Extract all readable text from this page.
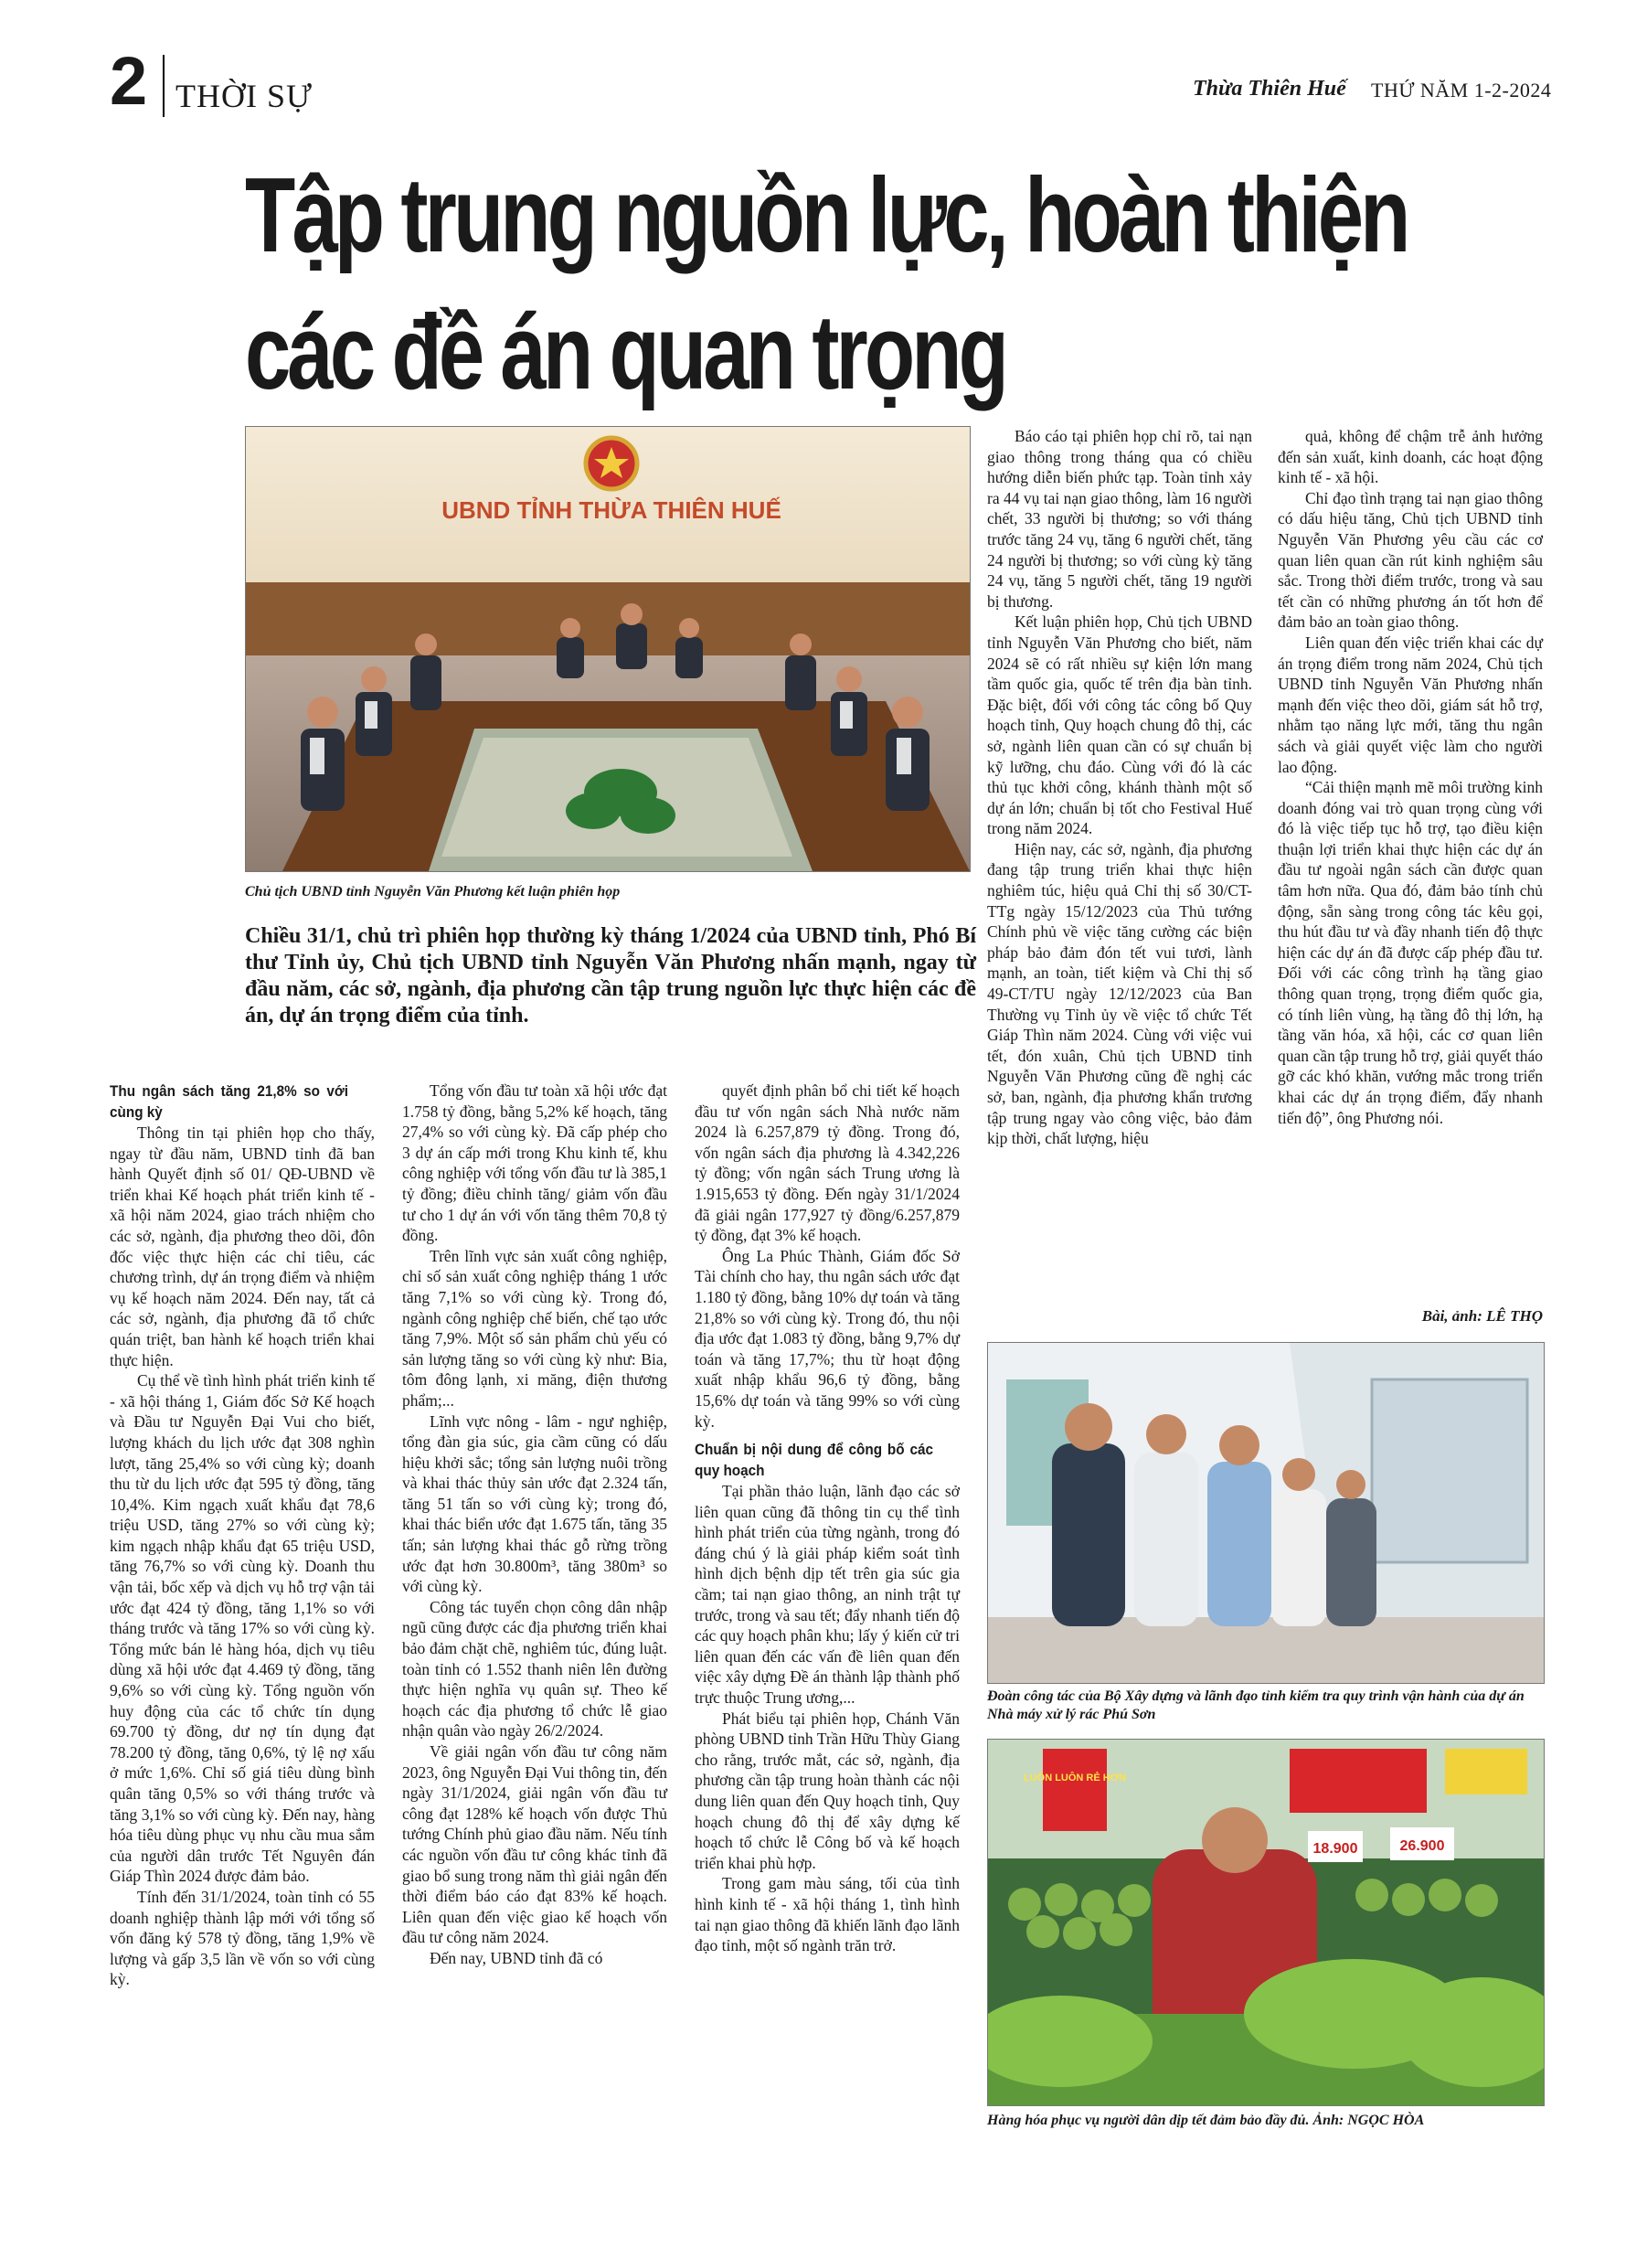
2 THỜI SỰ	Thừa Thiên Huế THỨ NĂM 1-2-2024
Tập trung nguồn lực, hoàn thiện
các đề án quan trọng
UBND TỈNH THỪA THIÊN HUẾ
Chủ tịch UBND tỉnh Nguyễn Văn Phương kết luận phiên họp
Chiều 31/1, chủ trì phiên họp thường kỳ tháng 1/2024 của UBND tỉnh, Phó Bí thư Tỉnh ủy, Chủ tịch UBND tỉnh Nguyễn Văn Phương nhấn mạnh, ngay từ đầu năm, các sở, ngành, địa phương cần tập trung nguồn lực thực hiện các đề án, dự án trọng điểm của tỉnh.
Thu ngân sách tăng 21,8% so với cùng kỳ

Thông tin tại phiên họp cho thấy, ngay từ đầu năm, UBND tỉnh đã ban hành Quyết định số 01/ QĐ-UBND về triển khai Kế hoạch phát triển kinh tế - xã hội năm 2024, giao trách nhiệm cho các sở, ngành, địa phương theo dõi, đôn đốc việc thực hiện các chỉ tiêu, các chương trình, dự án trọng điểm và nhiệm vụ kế hoạch năm 2024. Đến nay, tất cả các sở, ngành, địa phương đã tổ chức quán triệt, ban hành kế hoạch triển khai thực hiện.

Cụ thể về tình hình phát triển kinh tế - xã hội tháng 1, Giám đốc Sở Kế hoạch và Đầu tư Nguyễn Đại Vui cho biết, lượng khách du lịch ước đạt 308 nghìn lượt, tăng 25,4% so với cùng kỳ; doanh thu từ du lịch ước đạt 595 tỷ đồng, tăng 10,4%. Kim ngạch xuất khẩu đạt 78,6 triệu USD, tăng 27% so với cùng kỳ; kim ngạch nhập khẩu đạt 65 triệu USD, tăng 76,7% so với cùng kỳ. Doanh thu vận tải, bốc xếp và dịch vụ hỗ trợ vận tải ước đạt 424 tỷ đồng, tăng 1,1% so với tháng trước và tăng 17% so với cùng kỳ. Tổng mức bán lẻ hàng hóa, dịch vụ tiêu dùng xã hội ước đạt 4.469 tỷ đồng, tăng 9,6% so với cùng kỳ. Tổng nguồn vốn huy động của các tổ chức tín dụng 69.700 tỷ đồng, dư nợ tín dụng đạt 78.200 tỷ đồng, tăng 0,6%, tỷ lệ nợ xấu ở mức 1,6%. Chỉ số giá tiêu dùng bình quân tăng 0,5% so với tháng trước và tăng 3,1% so với cùng kỳ. Đến nay, hàng hóa tiêu dùng phục vụ nhu cầu mua sắm của người dân trước Tết Nguyên đán Giáp Thìn 2024 được đảm bảo.

Tính đến 31/1/2024, toàn tỉnh có 55 doanh nghiệp thành lập mới với tổng số vốn đăng ký 578 tỷ đồng, tăng 1,9% về lượng và gấp 3,5 lần về vốn so với cùng kỳ.

Tổng vốn đầu tư toàn xã hội ước đạt 1.758 tỷ đồng, bằng 5,2% kế hoạch, tăng 27,4% so với cùng kỳ. Đã cấp phép cho 3 dự án cấp mới trong Khu kinh tế, khu công nghiệp với tổng vốn đầu tư là 385,1 tỷ đồng; điều chỉnh tăng/ giảm vốn đầu tư cho 1 dự án với vốn tăng thêm 70,8 tỷ đồng.

Trên lĩnh vực sản xuất công nghiệp, chỉ số sản xuất công nghiệp tháng 1 ước tăng 7,1% so với cùng kỳ. Trong đó, ngành công nghiệp chế biến, chế tạo ước tăng 7,9%. Một số sản phẩm chủ yếu có sản lượng tăng so với cùng kỳ như: Bia, tôm đông lạnh, xi măng, điện thương phẩm;...

Lĩnh vực nông - lâm - ngư nghiệp, tổng đàn gia súc, gia cầm cũng có dấu hiệu khởi sắc; tổng sản lượng nuôi trồng và khai thác thủy sản ước đạt 2.324 tấn, tăng 51 tấn so với cùng kỳ; trong đó, khai thác biển ước đạt 1.675 tấn, tăng 35 tấn; sản lượng khai thác gỗ rừng trồng ước đạt hơn 30.800m³, tăng 380m³ so với cùng kỳ.

Công tác tuyển chọn công dân nhập ngũ cũng được các địa phương triển khai bảo đảm chặt chẽ, nghiêm túc, đúng luật. toàn tỉnh có 1.552 thanh niên lên đường thực hiện nghĩa vụ quân sự. Theo kế hoạch các địa phương tổ chức lễ giao nhận quân vào ngày 26/2/2024.

Về giải ngân vốn đầu tư công năm 2023, ông Nguyễn Đại Vui thông tin, đến ngày 31/1/2024, giải ngân vốn đầu tư công đạt 128% kế hoạch vốn được Thủ tướng Chính phủ giao đầu năm. Nếu tính các nguồn vốn đầu tư công khác tỉnh đã giao bổ sung trong năm thì giải ngân đến thời điểm báo cáo đạt 83% kế hoạch. Liên quan đến việc giao kế hoạch vốn đầu tư công năm 2024.

Đến nay, UBND tỉnh đã có

quyết định phân bổ chi tiết kế hoạch đầu tư vốn ngân sách Nhà nước năm 2024 là 6.257,879 tỷ đồng. Trong đó, vốn ngân sách địa phương là 4.342,226 tỷ đồng; vốn ngân sách Trung ương là 1.915,653 tỷ đồng. Đến ngày 31/1/2024 đã giải ngân 177,927 tỷ đồng/6.257,879 tỷ đồng, đạt 3% kế hoạch.

Ông La Phúc Thành, Giám đốc Sở Tài chính cho hay, thu ngân sách ước đạt 1.180 tỷ đồng, bằng 10% dự toán và tăng 21,8% so với cùng kỳ. Trong đó, thu nội địa ước đạt 1.083 tỷ đồng, bằng 9,7% dự toán và tăng 17,7%; thu từ hoạt động xuất nhập khẩu 96,6 tỷ đồng, bằng 15,6% dự toán và tăng 99% so với cùng kỳ.

Chuẩn bị nội dung để công bố các quy hoạch

Tại phần thảo luận, lãnh đạo các sở liên quan cũng đã thông tin cụ thể tình hình phát triển của từng ngành, trong đó đáng chú ý là giải pháp kiểm soát tình hình dịch bệnh dịp tết trên gia súc gia cầm; tai nạn giao thông, an ninh trật tự trước, trong và sau tết; đẩy nhanh tiến độ các quy hoạch phân khu; lấy ý kiến cử tri liên quan đến các vấn đề liên quan đến việc xây dựng Đề án thành lập thành phố trực thuộc Trung ương,...

Phát biểu tại phiên họp, Chánh Văn phòng UBND tỉnh Trần Hữu Thùy Giang cho rằng, trước mắt, các sở, ngành, địa phương cần tập trung hoàn thành các nội dung liên quan đến Quy hoạch tỉnh, Quy hoạch chung đô thị để xây dựng kế hoạch tổ chức lễ Công bố và kế hoạch triển khai phù hợp.

Trong gam màu sáng, tối của tình hình kinh tế - xã hội tháng 1, tình hình tai nạn giao thông đã khiến lãnh đạo lãnh đạo tỉnh, một số ngành trăn trở.

Báo cáo tại phiên họp chỉ rõ, tai nạn giao thông trong tháng qua có chiều hướng diễn biến phức tạp. Toàn tỉnh xảy ra 44 vụ tai nạn giao thông, làm 16 người chết, 33 người bị thương; so với tháng trước tăng 24 vụ, tăng 6 người chết, tăng 24 người bị thương; so với cùng kỳ tăng 24 vụ, tăng 5 người chết, tăng 19 người bị thương.

Kết luận phiên họp, Chủ tịch UBND tỉnh Nguyễn Văn Phương cho biết, năm 2024 sẽ có rất nhiều sự kiện lớn mang tầm quốc gia, quốc tế trên địa bàn tỉnh. Đặc biệt, đối với công tác công bố Quy hoạch tỉnh, Quy hoạch chung đô thị, các sở, ngành liên quan cần có sự chuẩn bị kỹ lưỡng, chu đáo. Cùng với đó là các thủ tục khởi công, khánh thành một số dự án lớn; chuẩn bị tốt cho Festival Huế trong năm 2024.

Hiện nay, các sở, ngành, địa phương đang tập trung triển khai thực hiện nghiêm túc, hiệu quả Chỉ thị số 30/CT-TTg ngày 15/12/2023 của Thủ tướng Chính phủ về việc tăng cường các biện pháp bảo đảm đón tết vui tươi, lành mạnh, an toàn, tiết kiệm và Chỉ thị số 49-CT/TU ngày 12/12/2023 của Ban Thường vụ Tỉnh ủy về việc tổ chức Tết Giáp Thìn năm 2024. Cùng với việc vui tết, đón xuân, Chủ tịch UBND tỉnh Nguyễn Văn Phương cũng đề nghị các sở, ban, ngành, địa phương khẩn trương tập trung ngay vào công việc, bảo đảm kịp thời, chất lượng, hiệu

quả, không để chậm trễ ảnh hưởng đến sản xuất, kinh doanh, các hoạt động kinh tế - xã hội.

Chỉ đạo tình trạng tai nạn giao thông có dấu hiệu tăng, Chủ tịch UBND tỉnh Nguyễn Văn Phương yêu cầu các cơ quan liên quan cần rút kinh nghiệm sâu sắc. Trong thời điểm trước, trong và sau tết cần có những phương án tốt hơn để đảm bảo an toàn giao thông.

Liên quan đến việc triển khai các dự án trọng điểm trong năm 2024, Chủ tịch UBND tỉnh Nguyễn Văn Phương nhấn mạnh đến việc theo dõi, giám sát hỗ trợ, nhằm tạo năng lực mới, tăng thu ngân sách và giải quyết việc làm cho người lao động.

“Cải thiện mạnh mẽ môi trường kinh doanh đóng vai trò quan trọng cùng với đó là việc tiếp tục hỗ trợ, tạo điều kiện thuận lợi triển khai thực hiện các dự án đầu tư ngoài ngân sách cần được quan tâm hơn nữa. Qua đó, đảm bảo tính chủ động, sẵn sàng trong công tác kêu gọi, thu hút đầu tư và đầy nhanh tiến độ thực hiện các dự án đã được cấp phép đầu tư. Đối với các công trình hạ tầng giao thông quan trọng, trọng điểm quốc gia, có tính liên vùng, hạ tầng đô thị lớn, hạ tầng văn hóa, xã hội, các cơ quan liên quan cần tập trung hỗ trợ, giải quyết tháo gỡ các khó khăn, vướng mắc trong triển khai các dự án trọng điểm, đẩy nhanh tiến độ”, ông Phương nói.

Bài, ảnh: LÊ THỌ
Đoàn công tác của Bộ Xây dựng và lãnh đạo tỉnh kiểm tra quy trình vận hành của dự án Nhà máy xử lý rác Phú Sơn
LUÔN LUÔN RẺ HƠN
18.900	26.900
Hàng hóa phục vụ người dân dịp tết đảm bảo đầy đủ. Ảnh: NGỌC HÒA
